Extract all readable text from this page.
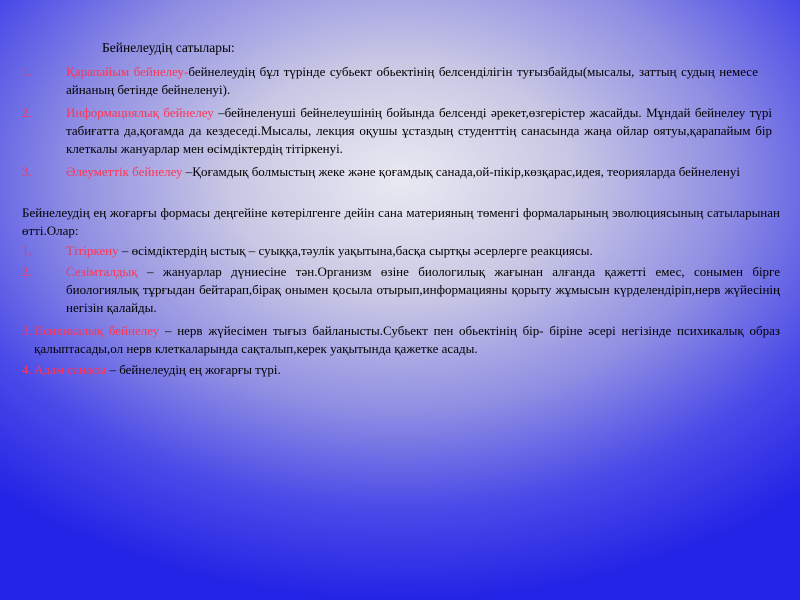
Бейнелеудің сатылары:
1.	Қарапайым бейнелеу-бейнелеудің бұл түрінде субьект обьектінің белсенділігін туғызбайды(мысалы, заттың судың немесе айнаның бетінде бейнеленуі).
2.	Информациялық бейнелеу –бейнеленуші бейнелеушінің бойында белсенді әрекет,өзгерістер жасайды. Мұндай бейнелеу түрі табиғатта да,қоғамда да кездеседі.Мысалы, лекция оқушы ұстаздың студенттің санасында жаңа ойлар оятуы,қарапайым бір клеткалы жануарлар мен өсімдіктердің тітіркенуі.
3.	Әлеуметтік бейнелеу –Қоғамдық болмыстың жеке және қоғамдық санада,ой-пікір,көзқарас,идея, теорияларда бейнеленуі
Бейнелеудің ең жоғарғы формасы деңгейіне көтерілгенге дейін сана материяның төменгі формаларының эволюциясының сатыларынан өтті.Олар:
1.	Тітіркену – өсімдіктердің ыстық – суыққа,тәулік уақытына,басқа сыртқы әсерлерге реакциясы.
2.	Сезімталдық – жануарлар дүниесіне тән.Организм өзіне биологилық жағынан алғанда қажетті емес, сонымен бірге биологиялық тұрғыдан бейтарап,бірақ онымен қосыла отырып,информацияны қорыту жұмысын күрделендіріп,нерв жүйесінің негізін қалайды.
3. Психикалық бейнелеу – нерв жүйесімен тығыз байланысты.Субьект пен обьектінің бір- біріне әсері негізінде психикалық образ қалыптасады,ол нерв клеткаларында сақталып,керек уақытында қажетке асады.
4. Адам санасы – бейнелеудің ең жоғарғы түрі.
